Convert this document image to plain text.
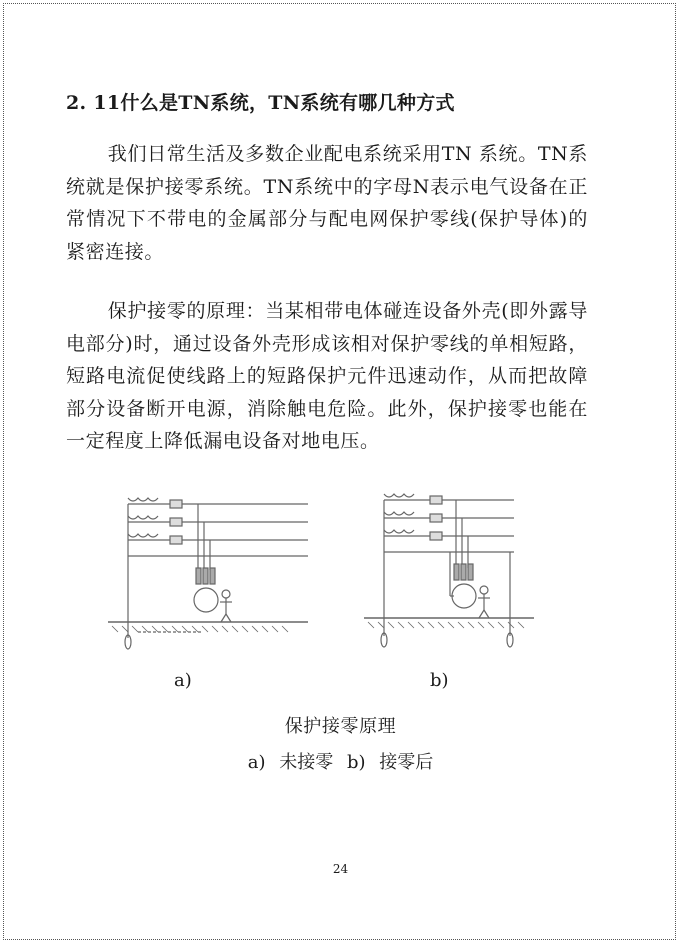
2. 11什么是TN系统，TN系统有哪几种方式

我们日常生活及多数企业配电系统采用TN 系统。TN系统就是保护接零系统。TN系统中的字母N表示电气设备在正常情况下不带电的金属部分与配电网保护零线(保护导体)的紧密连接。

保护接零的原理：当某相带电体碰连设备外壳(即外露导电部分)时，通过设备外壳形成该相对保护零线的单相短路，短路电流促使线路上的短路保护元件迅速动作，从而把故障部分设备断开电源，消除触电危险。此外，保护接零也能在一定程度上降低漏电设备对地电压。

a)	b)
保护接零原理
a) 未接零 b) 接零后
24
